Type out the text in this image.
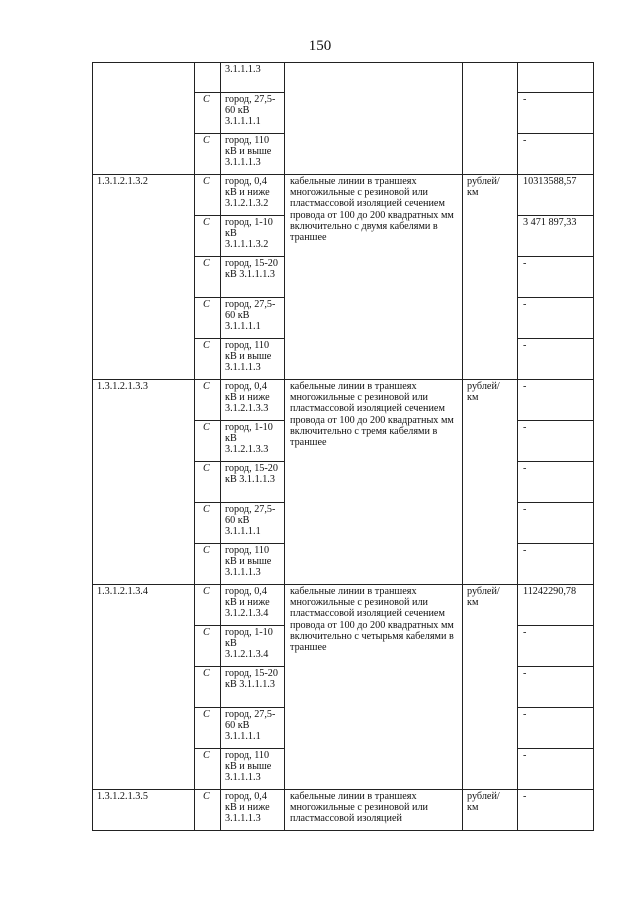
150
		3.1.1.1.3			
	С	город, 27,5-60 кВ 3.1.1.1.1			-
	С	город, 110 кВ и выше 3.1.1.1.3			-
1.3.1.2.1.3.2	С	город, 0,4 кВ и ниже 3.1.2.1.3.2	кабельные линии в траншеях многожильные с резиновой или пластмассовой изоляцией сечением провода от 100 до 200 квадратных мм включительно с двумя кабелями в траншее	рублей/ км	10313588,57
	С	город, 1-10 кВ 3.1.1.1.3.2			3 471 897,33
	С	город, 15-20 кВ 3.1.1.1.3			-
	С	город, 27,5-60 кВ 3.1.1.1.1			-
	С	город, 110 кВ и выше 3.1.1.1.3			-
1.3.1.2.1.3.3	С	город, 0,4 кВ и ниже 3.1.2.1.3.3	кабельные линии в траншеях многожильные с резиновой или пластмассовой изоляцией сечением провода от 100 до 200 квадратных мм включительно с тремя кабелями в траншее	рублей/ км	-
	С	город, 1-10 кВ 3.1.2.1.3.3			-
	С	город, 15-20 кВ 3.1.1.1.3			-
	С	город, 27,5-60 кВ 3.1.1.1.1			-
	С	город, 110 кВ и выше 3.1.1.1.3			-
1.3.1.2.1.3.4	С	город, 0,4 кВ и ниже 3.1.2.1.3.4	кабельные линии в траншеях многожильные с резиновой или пластмассовой изоляцией сечением провода от 100 до 200 квадратных мм включительно с четырьмя кабелями в траншее	рублей/ км	11242290,78
	С	город, 1-10 кВ 3.1.2.1.3.4			-
	С	город, 15-20 кВ 3.1.1.1.3			-
	С	город, 27,5-60 кВ 3.1.1.1.1			-
	С	город, 110 кВ и выше 3.1.1.1.3			-
1.3.1.2.1.3.5	С	город, 0,4 кВ и ниже 3.1.1.1.3	кабельные линии в траншеях многожильные с резиновой или пластмассовой изоляцией	рублей/ км	-
